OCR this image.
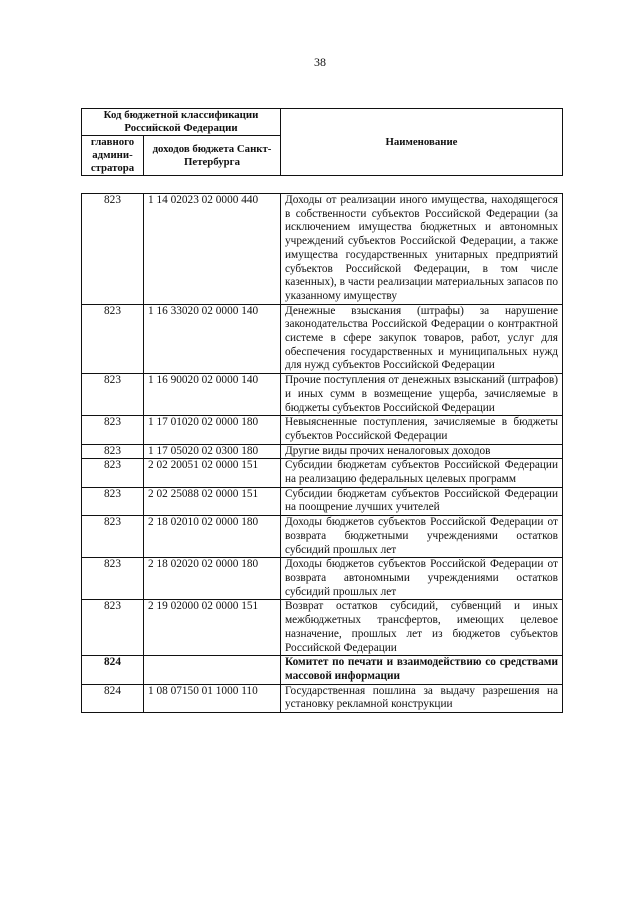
38
Код бюджетной классификации Российской Федерации		Наименование
главного админи-стратора	доходов бюджета Санкт-Петербурга	
823	1 14 02023 02 0000 440	Доходы от реализации иного имущества, находящегося в собственности субъектов Российской Федерации (за исключением имущества бюджетных и автономных учреждений субъектов Российской Федерации, а также имущества государственных унитарных предприятий субъектов Российской Федерации, в том числе казенных), в части реализации материальных запасов по указанному имуществу
823	1 16 33020 02 0000 140	Денежные взыскания (штрафы) за нарушение законодательства Российской Федерации о контрактной системе в сфере закупок товаров, работ, услуг для обеспечения государственных и муниципальных нужд для нужд субъектов Российской Федерации
823	1 16 90020 02 0000 140	Прочие поступления от денежных взысканий (штрафов) и иных сумм в возмещение ущерба, зачисляемые в бюджеты субъектов Российской Федерации
823	1 17 01020 02 0000 180	Невыясненные поступления, зачисляемые в бюджеты субъектов Российской Федерации
823	1 17 05020 02 0300 180	Другие виды прочих неналоговых доходов
823	2 02 20051 02 0000 151	Субсидии бюджетам субъектов Российской Федерации на реализацию федеральных целевых программ
823	2 02 25088 02 0000 151	Субсидии бюджетам субъектов Российской Федерации на поощрение лучших учителей
823	2 18 02010 02 0000 180	Доходы бюджетов субъектов Российской Федерации от возврата бюджетными учреждениями остатков субсидий прошлых лет
823	2 18 02020 02 0000 180	Доходы бюджетов субъектов Российской Федерации от возврата автономными учреждениями остатков субсидий прошлых лет
823	2 19 02000 02 0000 151	Возврат остатков субсидий, субвенций и иных межбюджетных трансфертов, имеющих целевое назначение, прошлых лет из бюджетов субъектов Российской Федерации
824		Комитет по печати и взаимодействию со средствами массовой информации
824	1 08 07150 01 1000 110	Государственная пошлина за выдачу разрешения на установку рекламной конструкции
